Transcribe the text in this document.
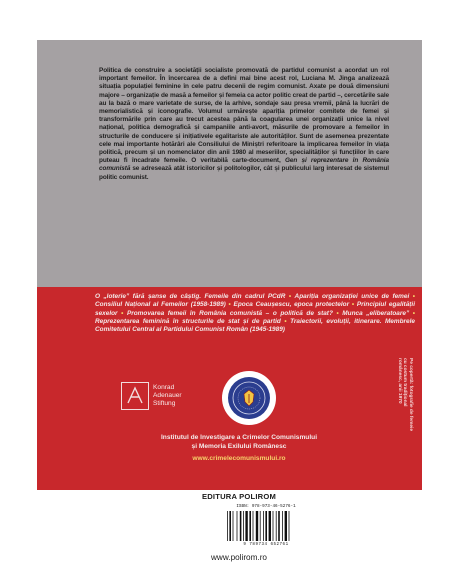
Politica de construire a societății socialiste promovată de partidul comunist a acordat un rol important femeilor. În încercarea de a defini mai bine acest rol, Luciana M. Jinga analizează situația populației feminine în cele patru decenii de regim comunist. Axate pe două dimensiuni majore – organizație de masă a femeilor și femeia ca actor politic creat de partid –, cercetările sale au la bază o mare varietate de surse, de la arhive, sondaje sau presa vremii, până la lucrări de memorialistică și iconografie. Volumul urmărește apariția primelor comitete de femei și transformările prin care au trecut acestea până la coagularea unei organizații unice la nivel național, politica demografică și campaniile anti-avort, măsurile de promovare a femeilor în structurile de conducere și inițiativele egalitariste ale autorităților. Sunt de asemenea prezentate cele mai importante hotărâri ale Consiliului de Miniștri referitoare la implicarea femeilor în viața politică, precum și un nomenclator din anii 1980 al meseriilor, specialităților și funcțiilor în care puteau fi încadrate femeile. O veritabilă carte-document, Gen și reprezentare în România comunistă se adresează atât istoricilor și politologilor, cât și publicului larg interesat de sistemul politic comunist.

O „loterie” fără șanse de câștig. Femeile din cadrul PCdR • Apariția organizației unice de femei • Consiliul Național al Femeilor (1958-1989) • Epoca Ceaușescu, epoca protectelor • Principiul egalității sexelor • Promovarea femeii în România comunistă – o politică de stat? • Munca „eliberatoare” • Reprezentarea feminină în structurile de stat și de partid • Traiectorii, evoluții, itinerare. Membrele Comitetului Central al Partidului Comunist Român (1945-1989)

Konrad
Adenauer
Stiftung	Pe copertă: fotografie de femeie
cu costum tradițional
românesc, anii 1970
Institutul de Investigare a Crimelor Comunismului
și Memoria Exilului Românesc
www.crimelecomunismului.ro
EDITURA POLIROM
ISBN: 978-973-46-5276-1
9 789734 652761
www.polirom.ro
